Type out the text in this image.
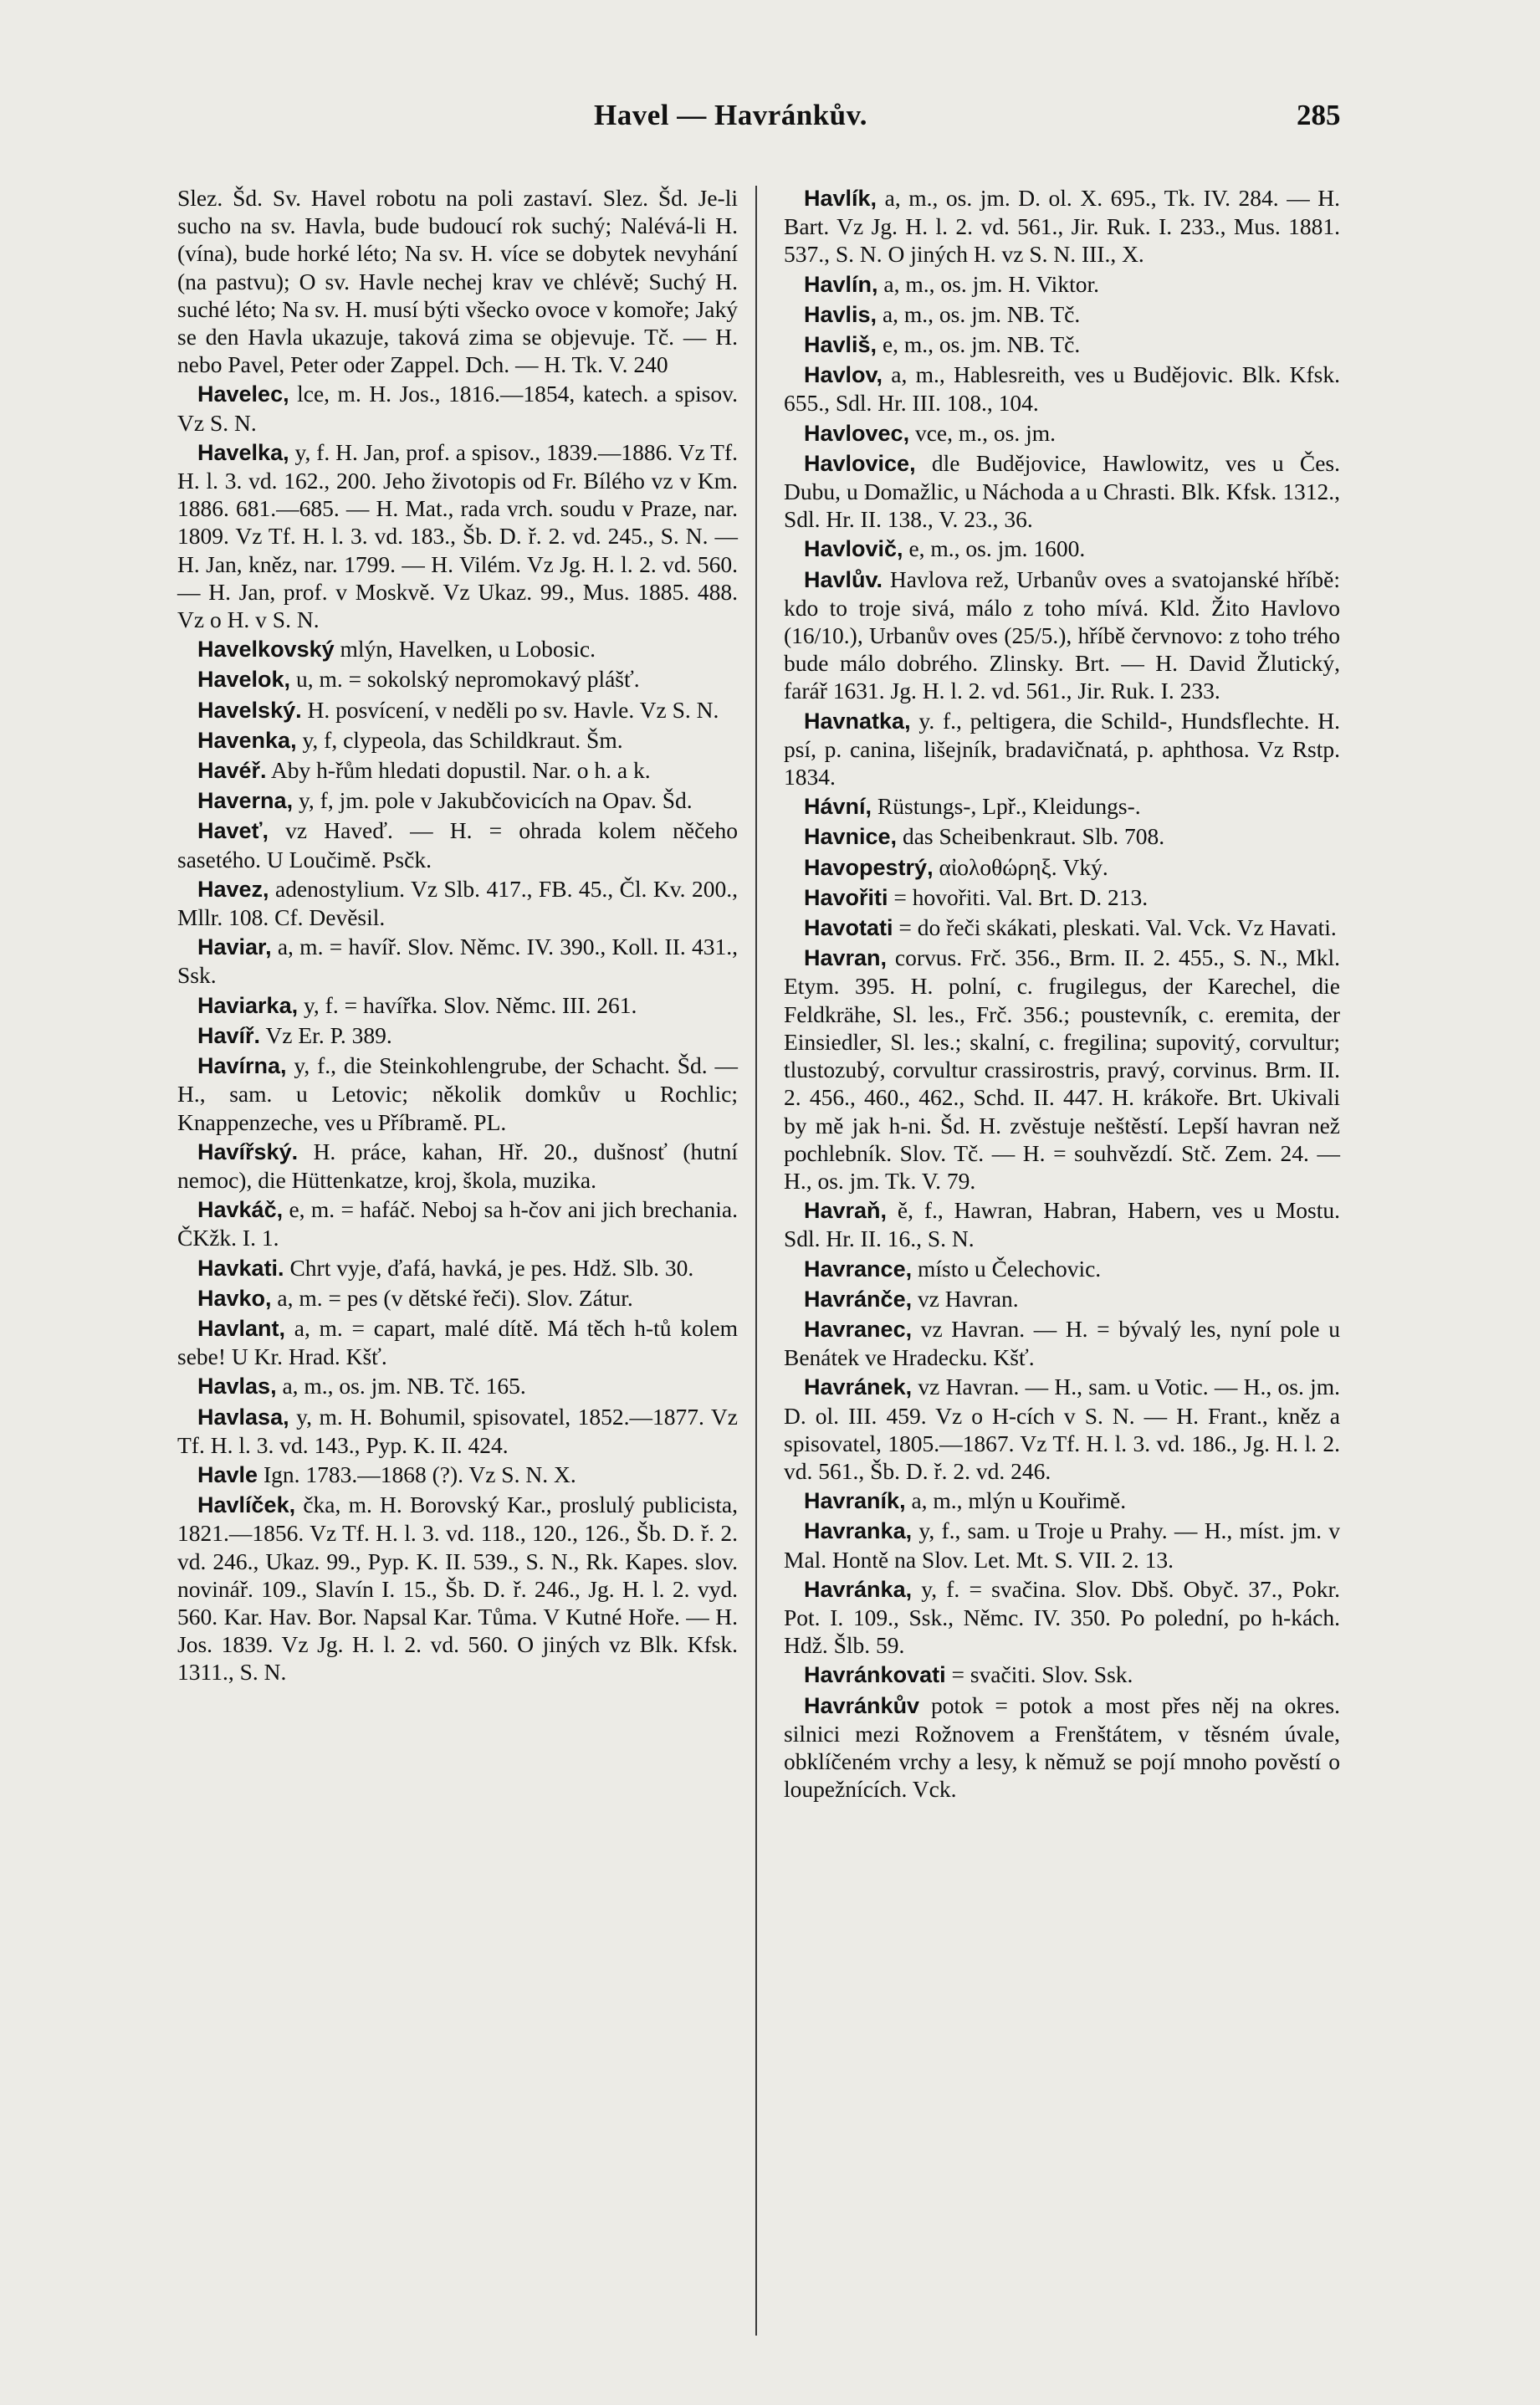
Havel — Havránkův.	285

Slez. Šd. Sv. Havel robotu na poli zastaví. Slez. Šd. Je-li sucho na sv. Havla, bude budoucí rok suchý; Nalévá-li H. (vína), bude horké léto; Na sv. H. více se dobytek nevyhání (na pastvu); O sv. Havle nechej krav ve chlévě; Suchý H. suché léto; Na sv. H. musí býti všecko ovoce v komoře; Jaký se den Havla ukazuje, taková zima se objevuje. Tč. — H. nebo Pavel, Peter oder Zappel. Dch. — H. Tk. V. 240

Havelec, lce, m. H. Jos., 1816.—1854, katech. a spisov. Vz S. N.

Havelka, y, f. H. Jan, prof. a spisov., 1839.—1886. Vz Tf. H. l. 3. vd. 162., 200. Jeho životopis od Fr. Bílého vz v Km. 1886. 681.—685. — H. Mat., rada vrch. soudu v Praze, nar. 1809. Vz Tf. H. l. 3. vd. 183., Šb. D. ř. 2. vd. 245., S. N. — H. Jan, kněz, nar. 1799. — H. Vilém. Vz Jg. H. l. 2. vd. 560. — H. Jan, prof. v Moskvě. Vz Ukaz. 99., Mus. 1885. 488. Vz o H. v S. N.

Havelkovský mlýn, Havelken, u Lobosic.

Havelok, u, m. = sokolský nepromokavý plášť.

Havelský. H. posvícení, v neděli po sv. Havle. Vz S. N.

Havenka, y, f, clypeola, das Schildkraut. Šm.

Havéř. Aby h-řům hledati dopustil. Nar. o h. a k.

Haverna, y, f, jm. pole v Jakubčovicích na Opav. Šd.

Haveť, vz Haveď. — H. = ohrada kolem něčeho sasetého. U Loučimě. Psčk.

Havez, adenostylium. Vz Slb. 417., FB. 45., Čl. Kv. 200., Mllr. 108. Cf. Devěsil.

Haviar, a, m. = havíř. Slov. Němc. IV. 390., Koll. II. 431., Ssk.

Haviarka, y, f. = havířka. Slov. Němc. III. 261.

Havíř. Vz Er. P. 389.

Havírna, y, f., die Steinkohlengrube, der Schacht. Šd. — H., sam. u Letovic; několik domkův u Rochlic; Knappenzeche, ves u Příbramě. PL.

Havířský. H. práce, kahan, Hř. 20., dušnosť (hutní nemoc), die Hüttenkatze, kroj, škola, muzika.

Havkáč, e, m. = hafáč. Neboj sa h-čov ani jich brechania. ČKžk. I. 1.

Havkati. Chrt vyje, ďafá, havká, je pes. Hdž. Slb. 30.

Havko, a, m. = pes (v dětské řeči). Slov. Zátur.

Havlant, a, m. = capart, malé dítě. Má těch h-tů kolem sebe! U Kr. Hrad. Kšť.

Havlas, a, m., os. jm. NB. Tč. 165.

Havlasa, y, m. H. Bohumil, spisovatel, 1852.—1877. Vz Tf. H. l. 3. vd. 143., Pyp. K. II. 424.

Havle Ign. 1783.—1868 (?). Vz S. N. X.

Havlíček, čka, m. H. Borovský Kar., proslulý publicista, 1821.—1856. Vz Tf. H. l. 3. vd. 118., 120., 126., Šb. D. ř. 2. vd. 246., Ukaz. 99., Pyp. K. II. 539., S. N., Rk. Kapes. slov. novinář. 109., Slavín I. 15., Šb. D. ř. 246., Jg. H. l. 2. vyd. 560. Kar. Hav. Bor. Napsal Kar. Tůma. V Kutné Hoře. — H. Jos. 1839. Vz Jg. H. l. 2. vd. 560. O jiných vz Blk. Kfsk. 1311., S. N.

Havlík, a, m., os. jm. D. ol. X. 695., Tk. IV. 284. — H. Bart. Vz Jg. H. l. 2. vd. 561., Jir. Ruk. I. 233., Mus. 1881. 537., S. N. O jiných H. vz S. N. III., X.

Havlín, a, m., os. jm. H. Viktor.

Havlis, a, m., os. jm. NB. Tč.

Havliš, e, m., os. jm. NB. Tč.

Havlov, a, m., Hablesreith, ves u Budějovic. Blk. Kfsk. 655., Sdl. Hr. III. 108., 104.

Havlovec, vce, m., os. jm.

Havlovice, dle Budějovice, Hawlowitz, ves u Čes. Dubu, u Domažlic, u Náchoda a u Chrasti. Blk. Kfsk. 1312., Sdl. Hr. II. 138., V. 23., 36.

Havlovič, e, m., os. jm. 1600.

Havlův. Havlova rež, Urbanův oves a svatojanské hříbě: kdo to troje sivá, málo z toho mívá. Kld. Žito Havlovo (16/10.), Urbanův oves (25/5.), hříbě červnovo: z toho trého bude málo dobrého. Zlinsky. Brt. — H. David Žlutický, farář 1631. Jg. H. l. 2. vd. 561., Jir. Ruk. I. 233.

Havnatka, y. f., peltigera, die Schild-, Hundsflechte. H. psí, p. canina, lišejník, bradavičnatá, p. aphthosa. Vz Rstp. 1834.

Hávní, Rüstungs-, Lpř., Kleidungs-.

Havnice, das Scheibenkraut. Slb. 708.

Havopestrý, αἰολοθώρηξ. Vký.

Havořiti = hovořiti. Val. Brt. D. 213.

Havotati = do řeči skákati, pleskati. Val. Vck. Vz Havati.

Havran, corvus. Frč. 356., Brm. II. 2. 455., S. N., Mkl. Etym. 395. H. polní, c. frugilegus, der Karechel, die Feldkrähe, Sl. les., Frč. 356.; poustevník, c. eremita, der Einsiedler, Sl. les.; skalní, c. fregilina; supovitý, corvultur; tlustozubý, corvultur crassirostris, pravý, corvinus. Brm. II. 2. 456., 460., 462., Schd. II. 447. H. krákoře. Brt. Ukivali by mě jak h-ni. Šd. H. zvěstuje neštěstí. Lepší havran než pochlebník. Slov. Tč. — H. = souhvězdí. Stč. Zem. 24. — H., os. jm. Tk. V. 79.

Havraň, ě, f., Hawran, Habran, Habern, ves u Mostu. Sdl. Hr. II. 16., S. N.

Havrance, místo u Čelechovic.

Havránče, vz Havran.

Havranec, vz Havran. — H. = bývalý les, nyní pole u Benátek ve Hradecku. Kšť.

Havránek, vz Havran. — H., sam. u Votic. — H., os. jm. D. ol. III. 459. Vz o H-cích v S. N. — H. Frant., kněz a spisovatel, 1805.—1867. Vz Tf. H. l. 3. vd. 186., Jg. H. l. 2. vd. 561., Šb. D. ř. 2. vd. 246.

Havraník, a, m., mlýn u Kouřimě.

Havranka, y, f., sam. u Troje u Prahy. — H., míst. jm. v Mal. Hontě na Slov. Let. Mt. S. VII. 2. 13.

Havránka, y, f. = svačina. Slov. Dbš. Obyč. 37., Pokr. Pot. I. 109., Ssk., Němc. IV. 350. Po polední, po h-kách. Hdž. Šlb. 59.

Havránkovati = svačiti. Slov. Ssk.

Havránkův potok = potok a most přes něj na okres. silnici mezi Rožnovem a Frenštátem, v těsném úvale, obklíčeném vrchy a lesy, k němuž se pojí mnoho pověstí o loupežnících. Vck.
